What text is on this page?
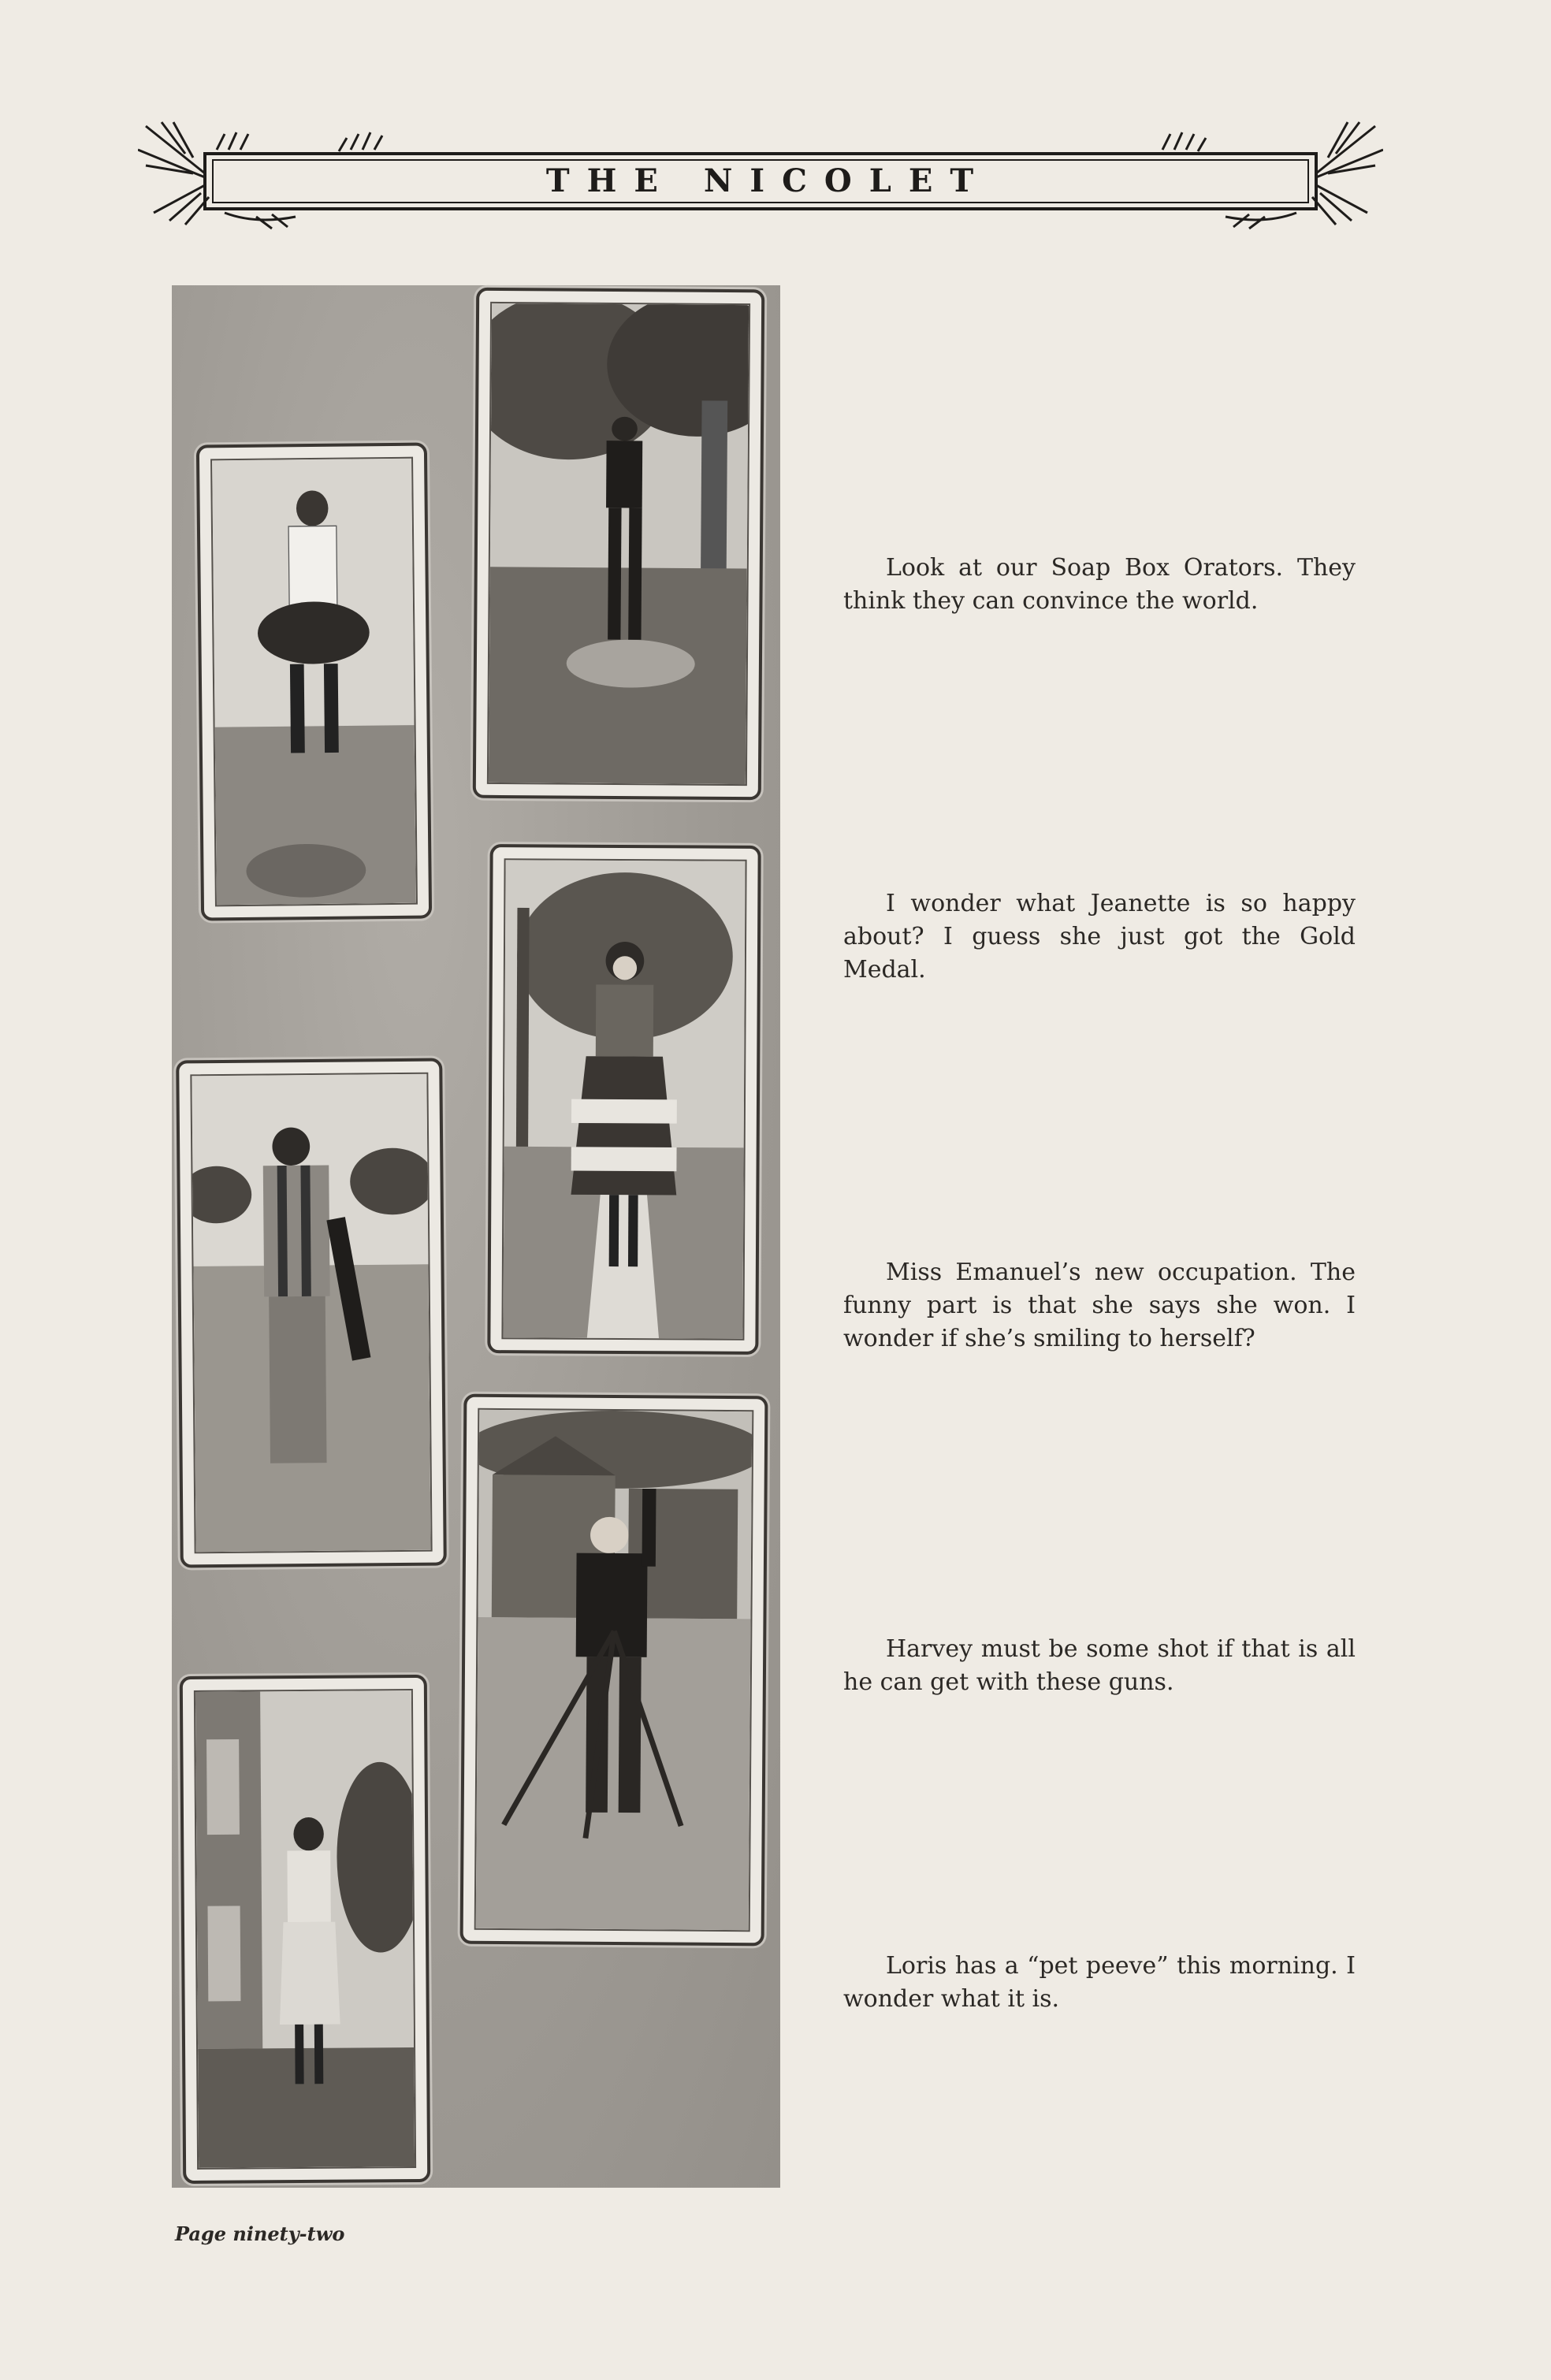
THE NICOLET
Look at our Soap Box Orators. They think they can convince the world.
I wonder what Jeanette is so happy about? I guess she just got the Gold Medal.
Miss Emanuel’s new occupation. The funny part is that she says she won. I wonder if she’s smiling to herself?
Harvey must be some shot if that is all he can get with these guns.
Loris has a “pet peeve” this morning. I wonder what it is.
Page ninety-two
